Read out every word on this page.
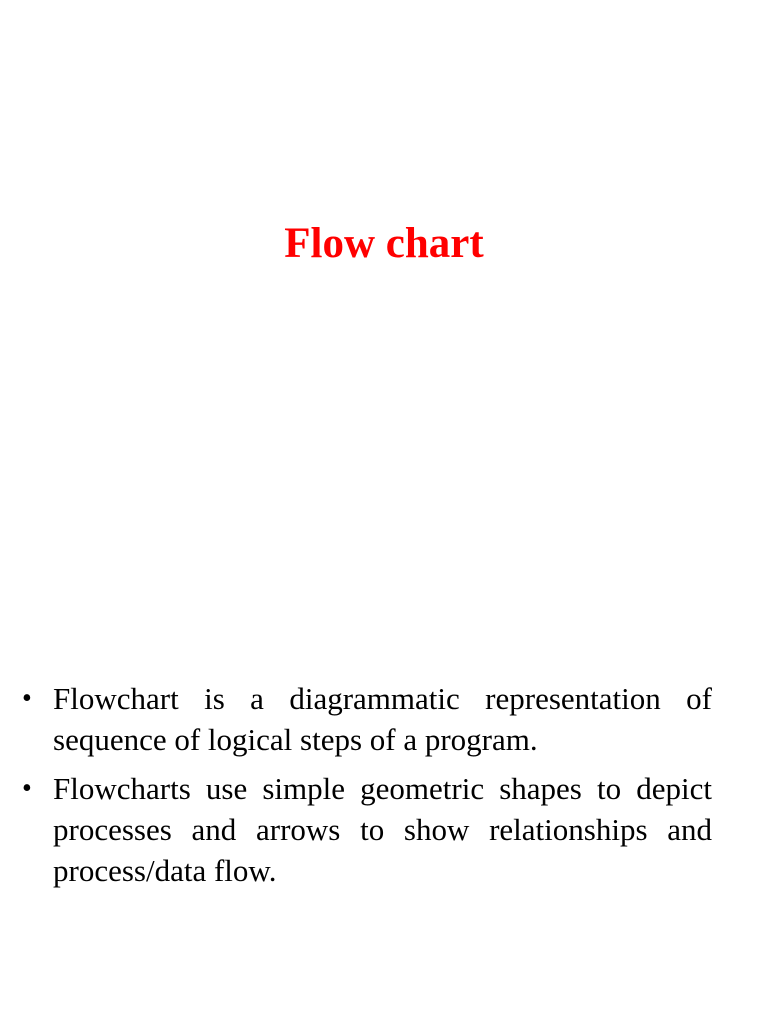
Flow chart
• Flowchart is a diagrammatic representation of sequence of logical steps of a program.
• Flowcharts use simple geometric shapes to depict processes and arrows to show relationships and process/data flow.
